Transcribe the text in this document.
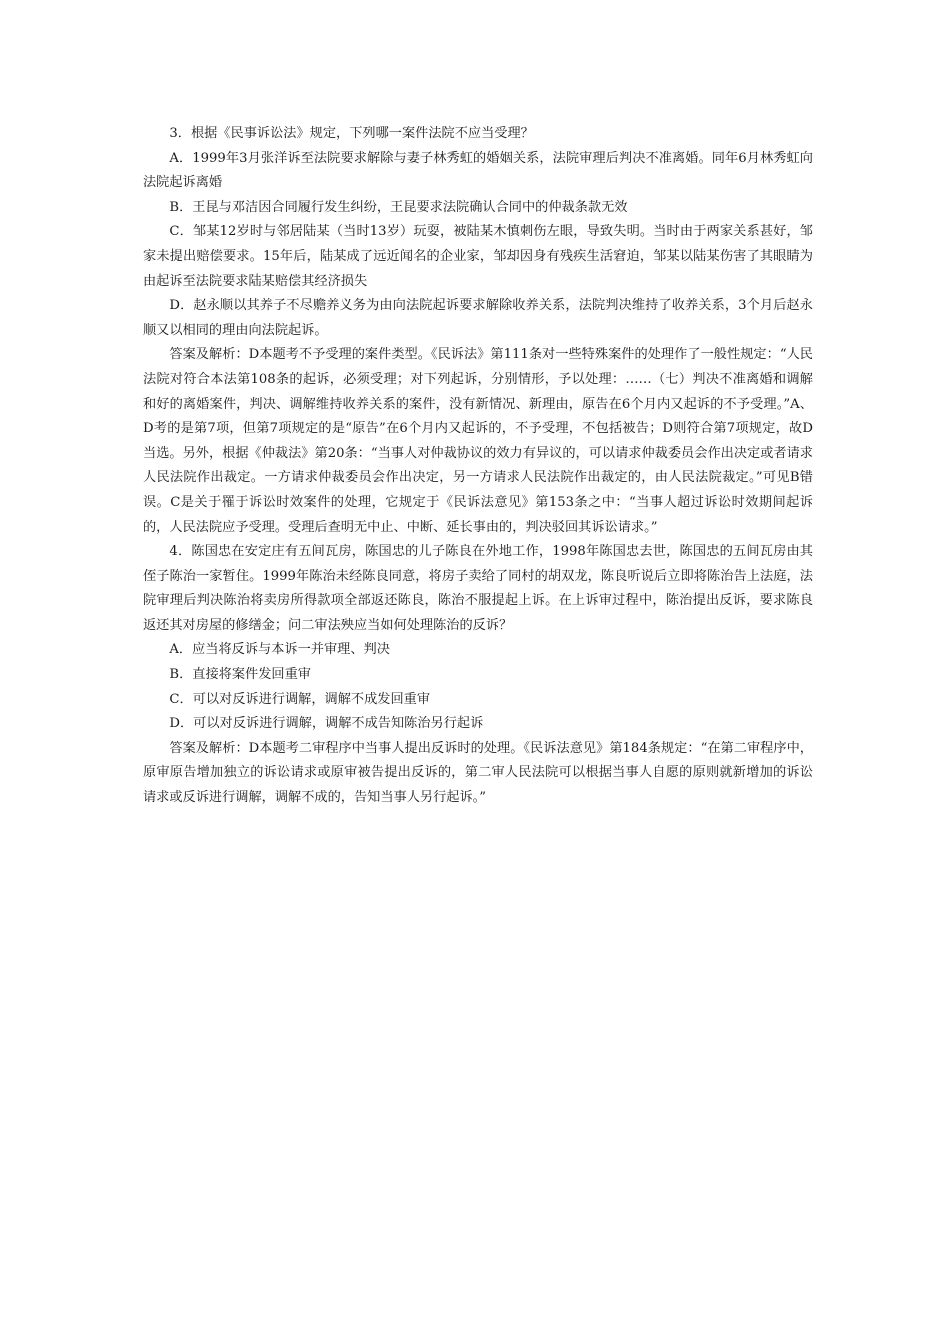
3．根据《民事诉讼法》规定，下列哪一案件法院不应当受理？

A．1999年3月张洋诉至法院要求解除与妻子林秀虹的婚姻关系，法院审理后判决不准离婚。同年6月林秀虹向法院起诉离婚

B．王昆与邓洁因合同履行发生纠纷，王昆要求法院确认合同中的仲裁条款无效

C．邹某12岁时与邻居陆某（当时13岁）玩耍，被陆某木慎刺伤左眼，导致失明。当时由于两家关系甚好，邹家未提出赔偿要求。15年后，陆某成了远近闻名的企业家，邹却因身有残疾生活窘迫，邹某以陆某伤害了其眼睛为由起诉至法院要求陆某赔偿其经济损失

D．赵永顺以其养子不尽赡养义务为由向法院起诉要求解除收养关系，法院判决维持了收养关系，3个月后赵永顺又以相同的理由向法院起诉。

答案及解析：D本题考不予受理的案件类型。《民诉法》第111条对一些特殊案件的处理作了一般性规定：“人民法院对符合本法第108条的起诉，必须受理；对下列起诉，分别情形，予以处理：……（七）判决不准离婚和调解和好的离婚案件，判决、调解维持收养关系的案件，没有新情况、新理由，原告在6个月内又起诉的不予受理。”A、D考的是第7项，但第7项规定的是“原告”在6个月内又起诉的，不予受理，不包括被告；D则符合第7项规定，故D当选。另外，根据《仲裁法》第20条：“当事人对仲裁协议的效力有异议的，可以请求仲裁委员会作出决定或者请求人民法院作出裁定。一方请求仲裁委员会作出决定，另一方请求人民法院作出裁定的，由人民法院裁定。”可见B错误。C是关于罹于诉讼时效案件的处理，它规定于《民诉法意见》第153条之中：“当事人超过诉讼时效期间起诉的，人民法院应予受理。受理后查明无中止、中断、延长事由的，判决驳回其诉讼请求。”

4．陈国忠在安定庄有五间瓦房，陈国忠的儿子陈良在外地工作，1998年陈国忠去世，陈国忠的五间瓦房由其侄子陈治一家暂住。1999年陈治未经陈良同意，将房子卖给了同村的胡双龙，陈良听说后立即将陈治告上法庭，法院审理后判决陈治将卖房所得款项全部返还陈良，陈治不服提起上诉。在上诉审过程中，陈治提出反诉，要求陈良返还其对房屋的修缮金；问二审法殃应当如何处理陈治的反诉？

A．应当将反诉与本诉一并审理、判决

B．直接将案件发回重审

C．可以对反诉进行调解，调解不成发回重审

D．可以对反诉进行调解，调解不成告知陈治另行起诉

答案及解析：D本题考二审程序中当事人提出反诉时的处理。《民诉法意见》第184条规定：“在第二审程序中，原审原告增加独立的诉讼请求或原审被告提出反诉的，第二审人民法院可以根据当事人自愿的原则就新增加的诉讼请求或反诉进行调解，调解不成的，告知当事人另行起诉。”
